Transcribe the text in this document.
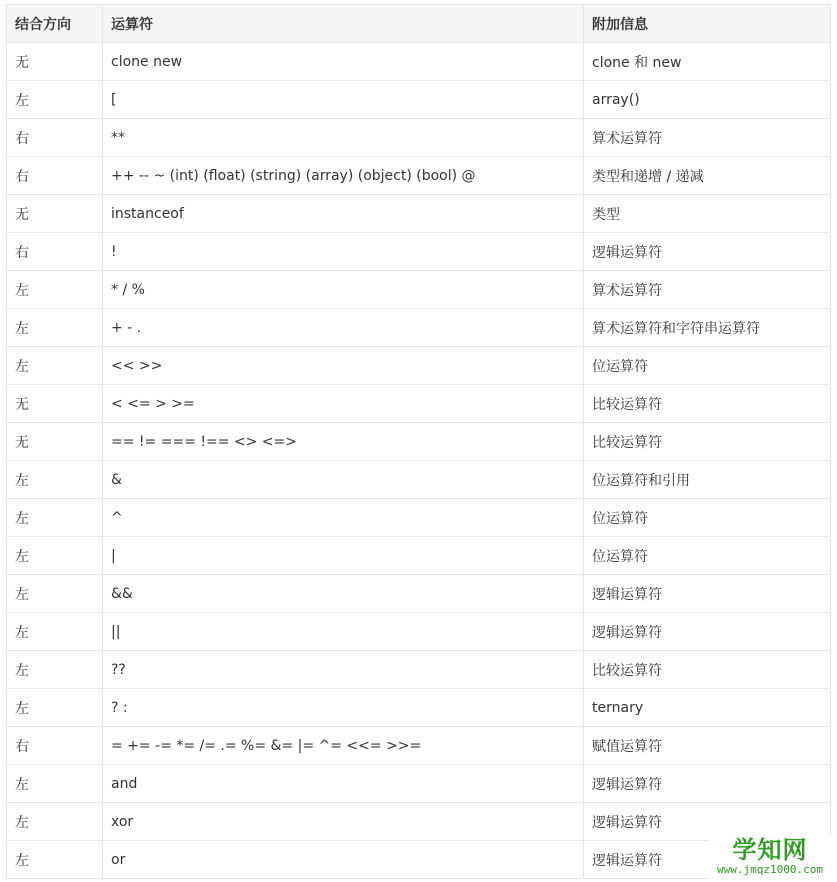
结合方向	运算符	附加信息
无	clone new	clone 和 new
左	[	array()
右	**	算术运算符
右	++ -- ~ (int) (float) (string) (array) (object) (bool) @	类型和递增 / 递减
无	instanceof	类型
右	!	逻辑运算符
左	* / %	算术运算符
左	+ - .	算术运算符和字符串运算符
左	<< >>	位运算符
无	< <= > >=	比较运算符
无	== != === !== <> <=>	比较运算符
左	&	位运算符和引用
左	^	位运算符
左	|	位运算符
左	&&	逻辑运算符
左	||	逻辑运算符
左	??	比较运算符
左	? :	ternary
右	= += -= *= /= .= %= &= |= ^= <<= >>=	赋值运算符
左	and	逻辑运算符
左	xor	逻辑运算符
左	or	逻辑运算符	学知网
www.jmqz1000.com
